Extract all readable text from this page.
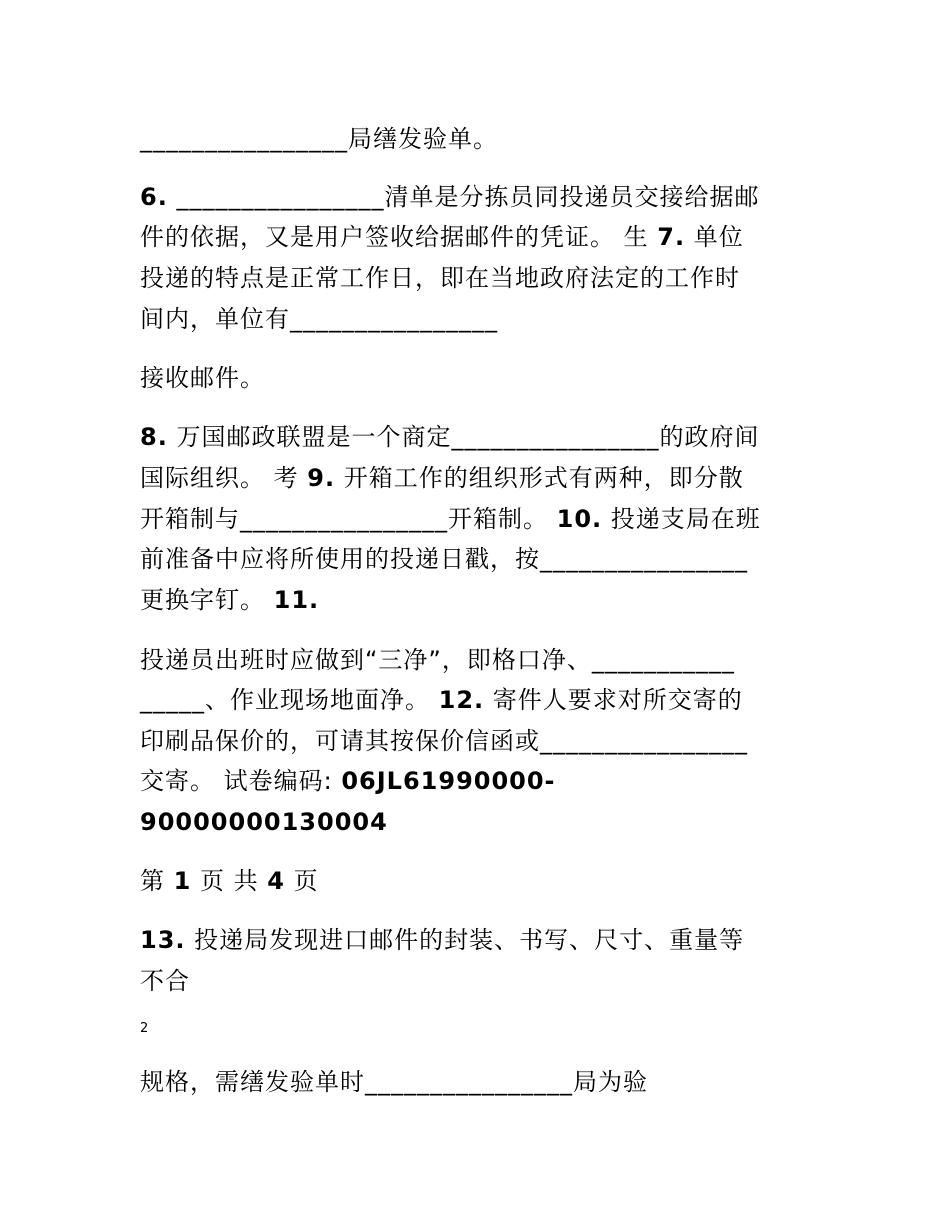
________________局缮发验单。
6. ________________清单是分拣员同投递员交接给据邮
件的依据，又是用户签收给据邮件的凭证。 生 7. 单位
投递的特点是正常工作日，即在当地政府法定的工作时
间内，单位有________________
接收邮件。
8. 万国邮政联盟是一个商定________________的政府间
国际组织。 考 9. 开箱工作的组织形式有两种，即分散
开箱制与________________开箱制。 10. 投递支局在班
前准备中应将所使用的投递日戳，按________________
更换字钉。 11.
投递员出班时应做到“三净”，即格口净、___________
_____、作业现场地面净。 12. 寄件人要求对所交寄的
印刷品保价的，可请其按保价信函或________________
交寄。 试卷编码: 06JL61990000-
90000000130004
第 1 页 共 4 页
13. 投递局发现进口邮件的封装、书写、尺寸、重量等
不合
2
规格，需缮发验单时________________局为验
